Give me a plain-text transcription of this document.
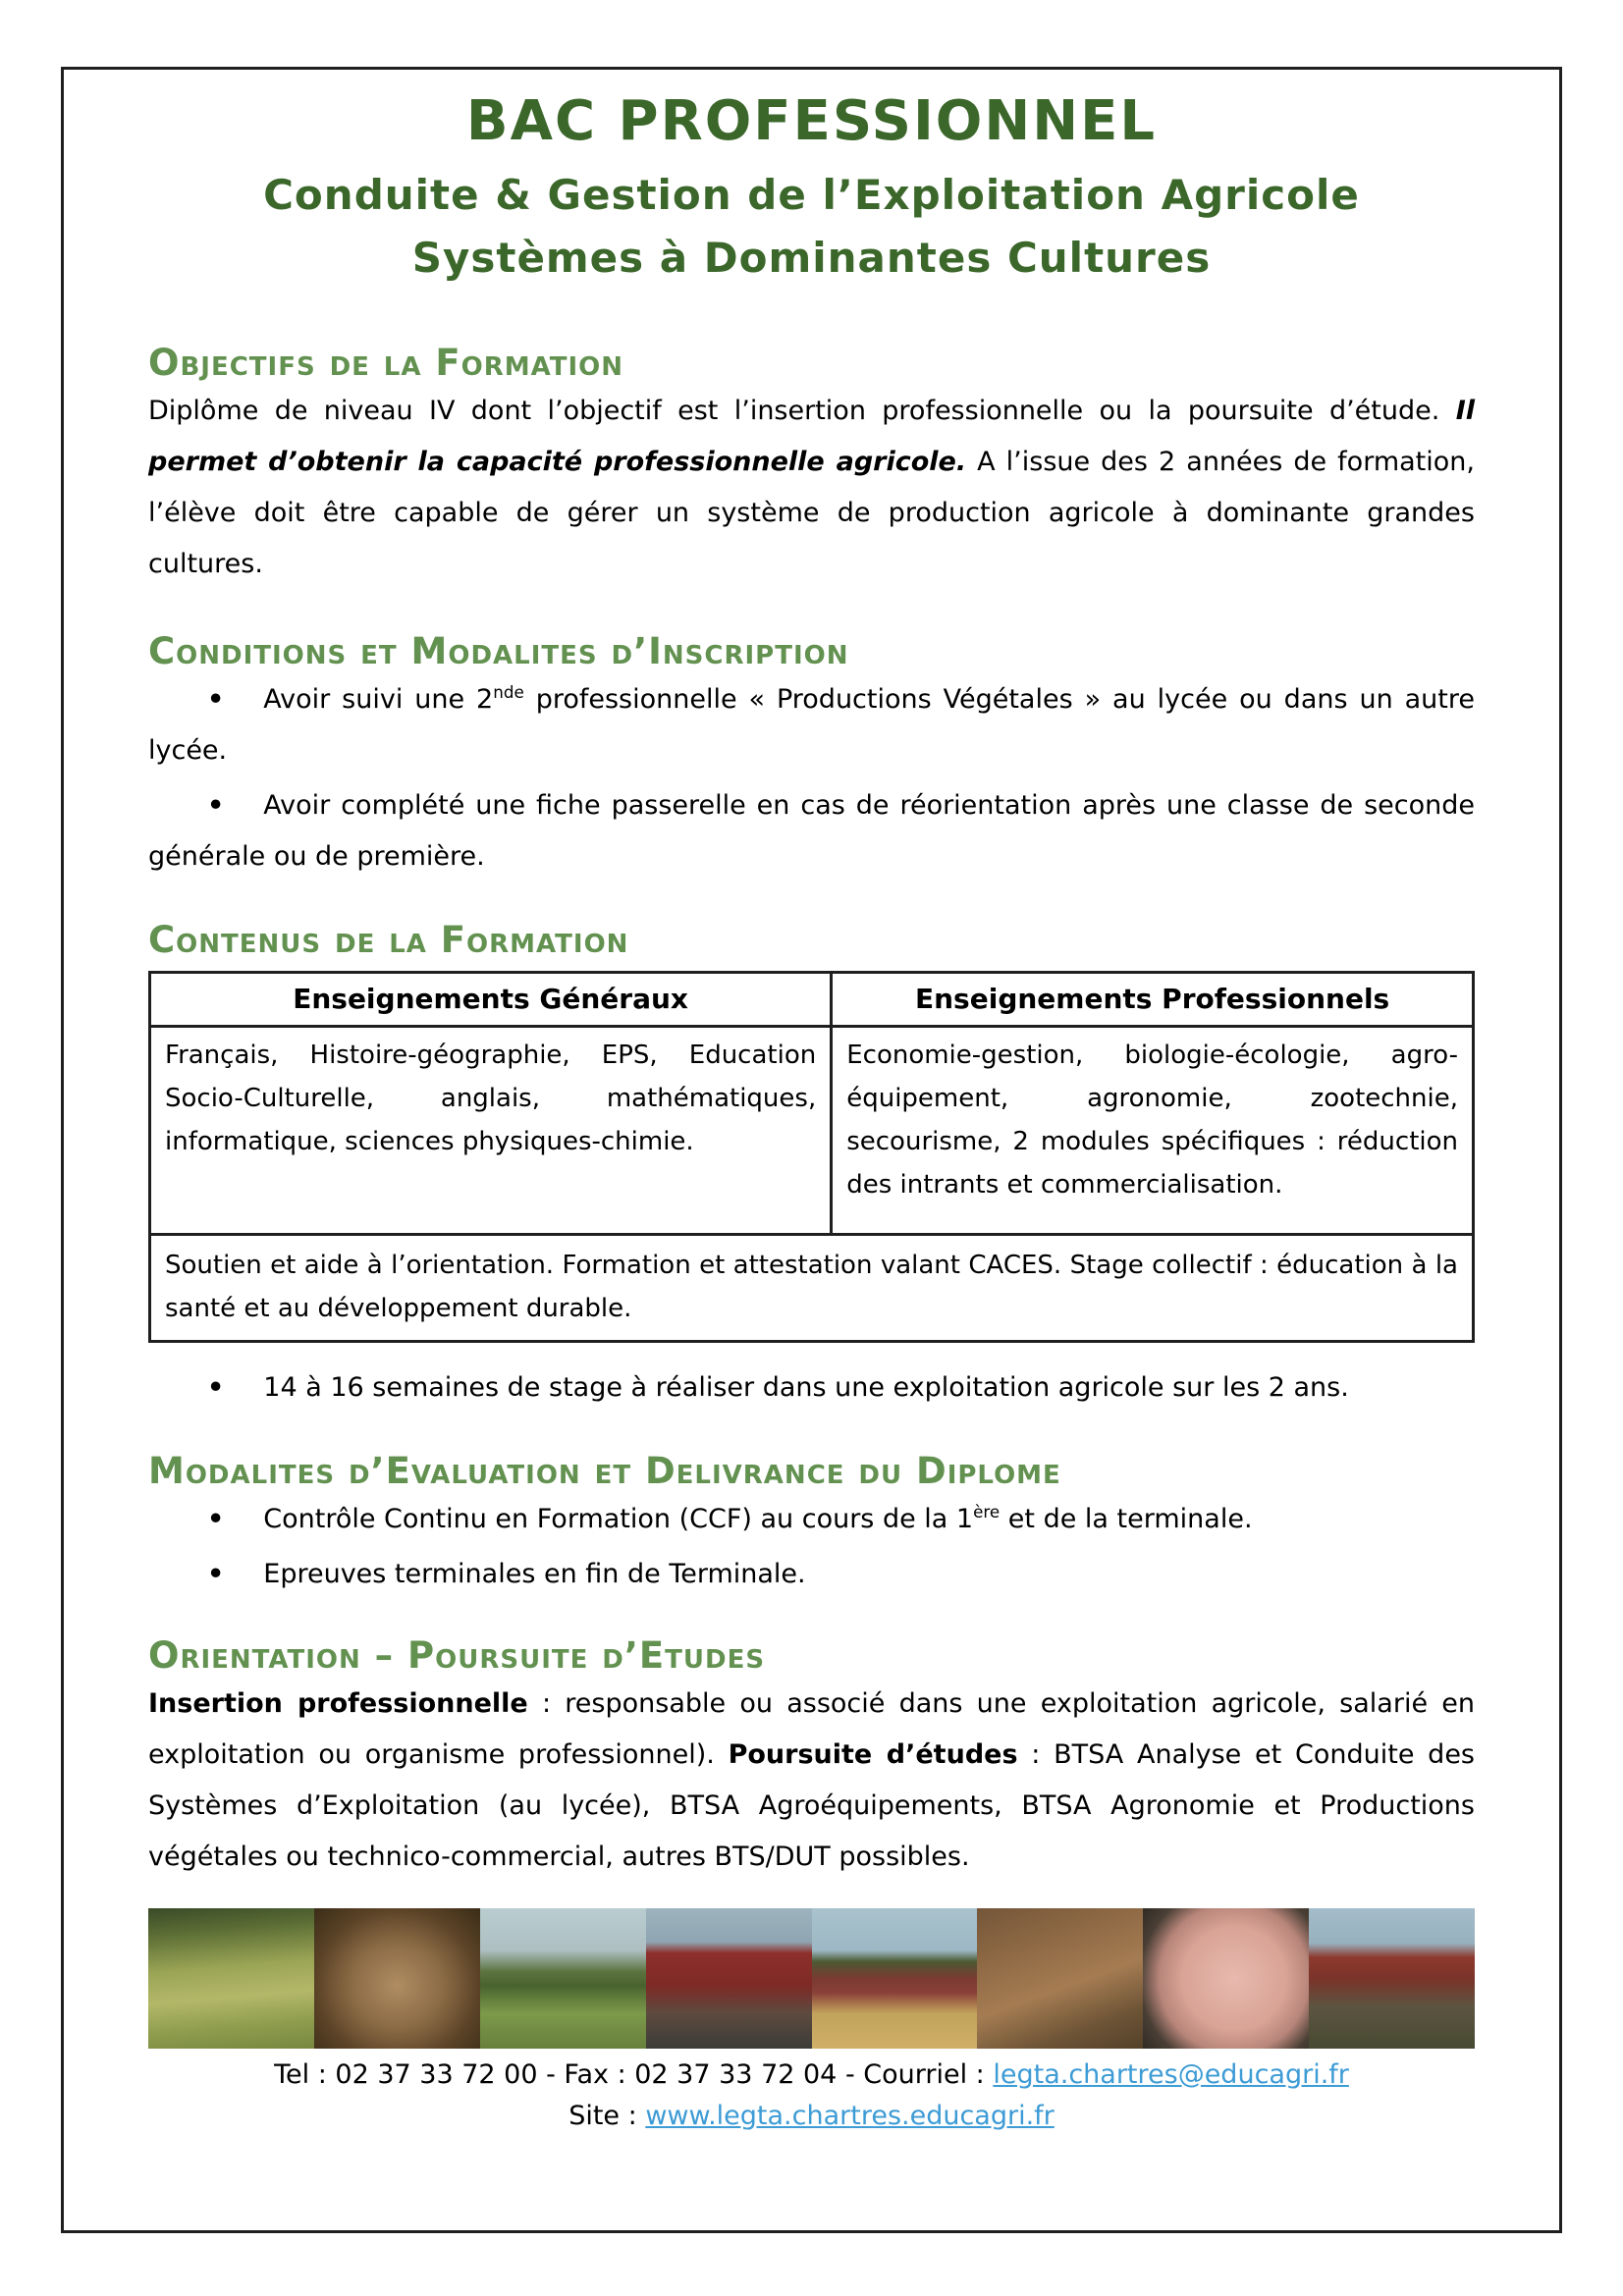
BAC PROFESSIONNEL
Conduite & Gestion de l’Exploitation Agricole
Systèmes à Dominantes Cultures
Objectifs de la Formation

Diplôme de niveau IV dont l’objectif est l’insertion professionnelle ou la poursuite d’étude. Il permet d’obtenir la capacité professionnelle agricole. A l’issue des 2 années de formation, l’élève doit être capable de gérer un système de production agricole à dominante grandes cultures.

Conditions et Modalites d’Inscription

• Avoir suivi une 2nde professionnelle « Productions Végétales » au lycée ou dans un autre lycée.

• Avoir complété une fiche passerelle en cas de réorientation après une classe de seconde générale ou de première.

Contenus de la Formation
Enseignements Généraux	Enseignements Professionnels
Français, Histoire-géographie, EPS, Education Socio-Culturelle, anglais, mathématiques, informatique, sciences physiques-chimie.	Economie-gestion, biologie-écologie, agro-équipement, agronomie, zootechnie, secourisme, 2 modules spécifiques : réduction des intrants et commercialisation.
Soutien et aide à l’orientation. Formation et attestation valant CACES. Stage collectif : éducation à la santé et au développement durable.	

• 14 à 16 semaines de stage à réaliser dans une exploitation agricole sur les 2 ans.

Modalites d’Evaluation et Delivrance du Diplome

• Contrôle Continu en Formation (CCF) au cours de la 1ère et de la terminale.

• Epreuves terminales en fin de Terminale.

Orientation – Poursuite d’Etudes

Insertion professionnelle : responsable ou associé dans une exploitation agricole, salarié en exploitation ou organisme professionnel). Poursuite d’études : BTSA Analyse et Conduite des Systèmes d’Exploitation (au lycée), BTSA Agroéquipements, BTSA Agronomie et Productions végétales ou technico-commercial, autres BTS/DUT possibles.

Tel : 02 37 33 72 00 - Fax : 02 37 33 72 04 - Courriel : legta.chartres@educagri.fr
Site : www.legta.chartres.educagri.fr
